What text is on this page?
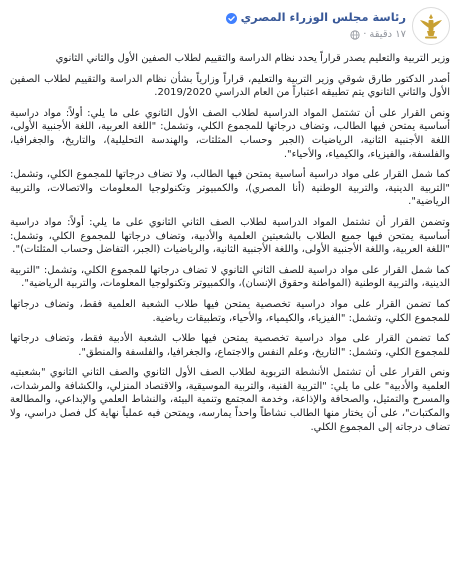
رئاسة مجلس الوزراء المصري
١٧ دقيقة
·

وزير التربية والتعليم يصدر قراراً يحدد نظام الدراسة والتقييم لطلاب الصفين الأول والثاني الثانوي

أصدر الدكتور طارق شوقي وزير التربية والتعليم، قراراً وزارياً بشأن نظام الدراسة والتقييم لطلاب الصفين الأول والثاني الثانوي يتم تطبيقه اعتباراً من العام الدراسي 2019/2020.

ونص القرار على أن تشتمل المواد الدراسية لطلاب الصف الأول الثانوي على ما يلي: أولاً: مواد دراسية أساسية يمتحن فيها الطالب، وتضاف درجاتها للمجموع الكلي، وتشمل: "اللغة العربية، اللغة الأجنبية الأولى، اللغة الأجنبية الثانية، الرياضيات (الجبر وحساب المثلثات، والهندسة التحليلية)، والتاريخ، والجغرافيا، والفلسفة، والفيزياء، والكيمياء، والأحياء".

كما شمل القرار على مواد دراسية أساسية يمتحن فيها الطالب، ولا تضاف درجاتها للمجموع الكلي، وتشمل: "التربية الدينية، والتربية الوطنية (أنا المصري)، والكمبيوتر وتكنولوجيا المعلومات والاتصالات، والتربية الرياضية".

وتضمن القرار أن تشتمل المواد الدراسية لطلاب الصف الثاني الثانوي على ما يلي: أولاً: مواد دراسية أساسية يمتحن فيها جميع الطلاب بالشعبتين العلمية والأدبية، وتضاف درجاتها للمجموع الكلي، وتشمل: "اللغة العربية، واللغة الأجنبية الأولى، واللغة الأجنبية الثانية، والرياضيات (الجبر، التفاضل وحساب المثلثات)".

كما شمل القرار على مواد دراسية للصف الثاني الثانوي لا تضاف درجاتها للمجموع الكلي، وتشمل: "التربية الدينية، والتربية الوطنية (المواطنة وحقوق الإنسان)، والكمبيوتر وتكنولوجيا المعلومات، والتربية الرياضية".

كما تضمن القرار على مواد دراسية تخصصية يمتحن فيها طلاب الشعبة العلمية فقط، وتضاف درجاتها للمجموع الكلي، وتشمل: "الفيزياء، والكيمياء، والأحياء، وتطبيقات رياضية.

كما تضمن القرار على مواد دراسية تخصصية يمتحن فيها طلاب الشعبة الأدبية فقط، وتضاف درجاتها للمجموع الكلي، وتشمل: "التاريخ، وعلم النفس والاجتماع، والجغرافيا، والفلسفة والمنطق".

ونص القرار على أن تشتمل الأنشطة التربوية لطلاب الصف الأول الثانوي والصف الثاني الثانوي "بشعبتيه العلمية والأدبية" على ما يلي: "التربية الفنية، والتربية الموسيقية، والاقتصاد المنزلي، والكشافة والمرشدات، والمسرح والتمثيل، والصحافة والإذاعة، وخدمة المجتمع وتنمية البيئة، والنشاط العلمي والإبداعي، والمطالعة والمكتبات"، على أن يختار منها الطالب نشاطاً واحداً يمارسه، ويمتحن فيه عملياً نهاية كل فصل دراسي، ولا تضاف درجاته إلى المجموع الكلي.
